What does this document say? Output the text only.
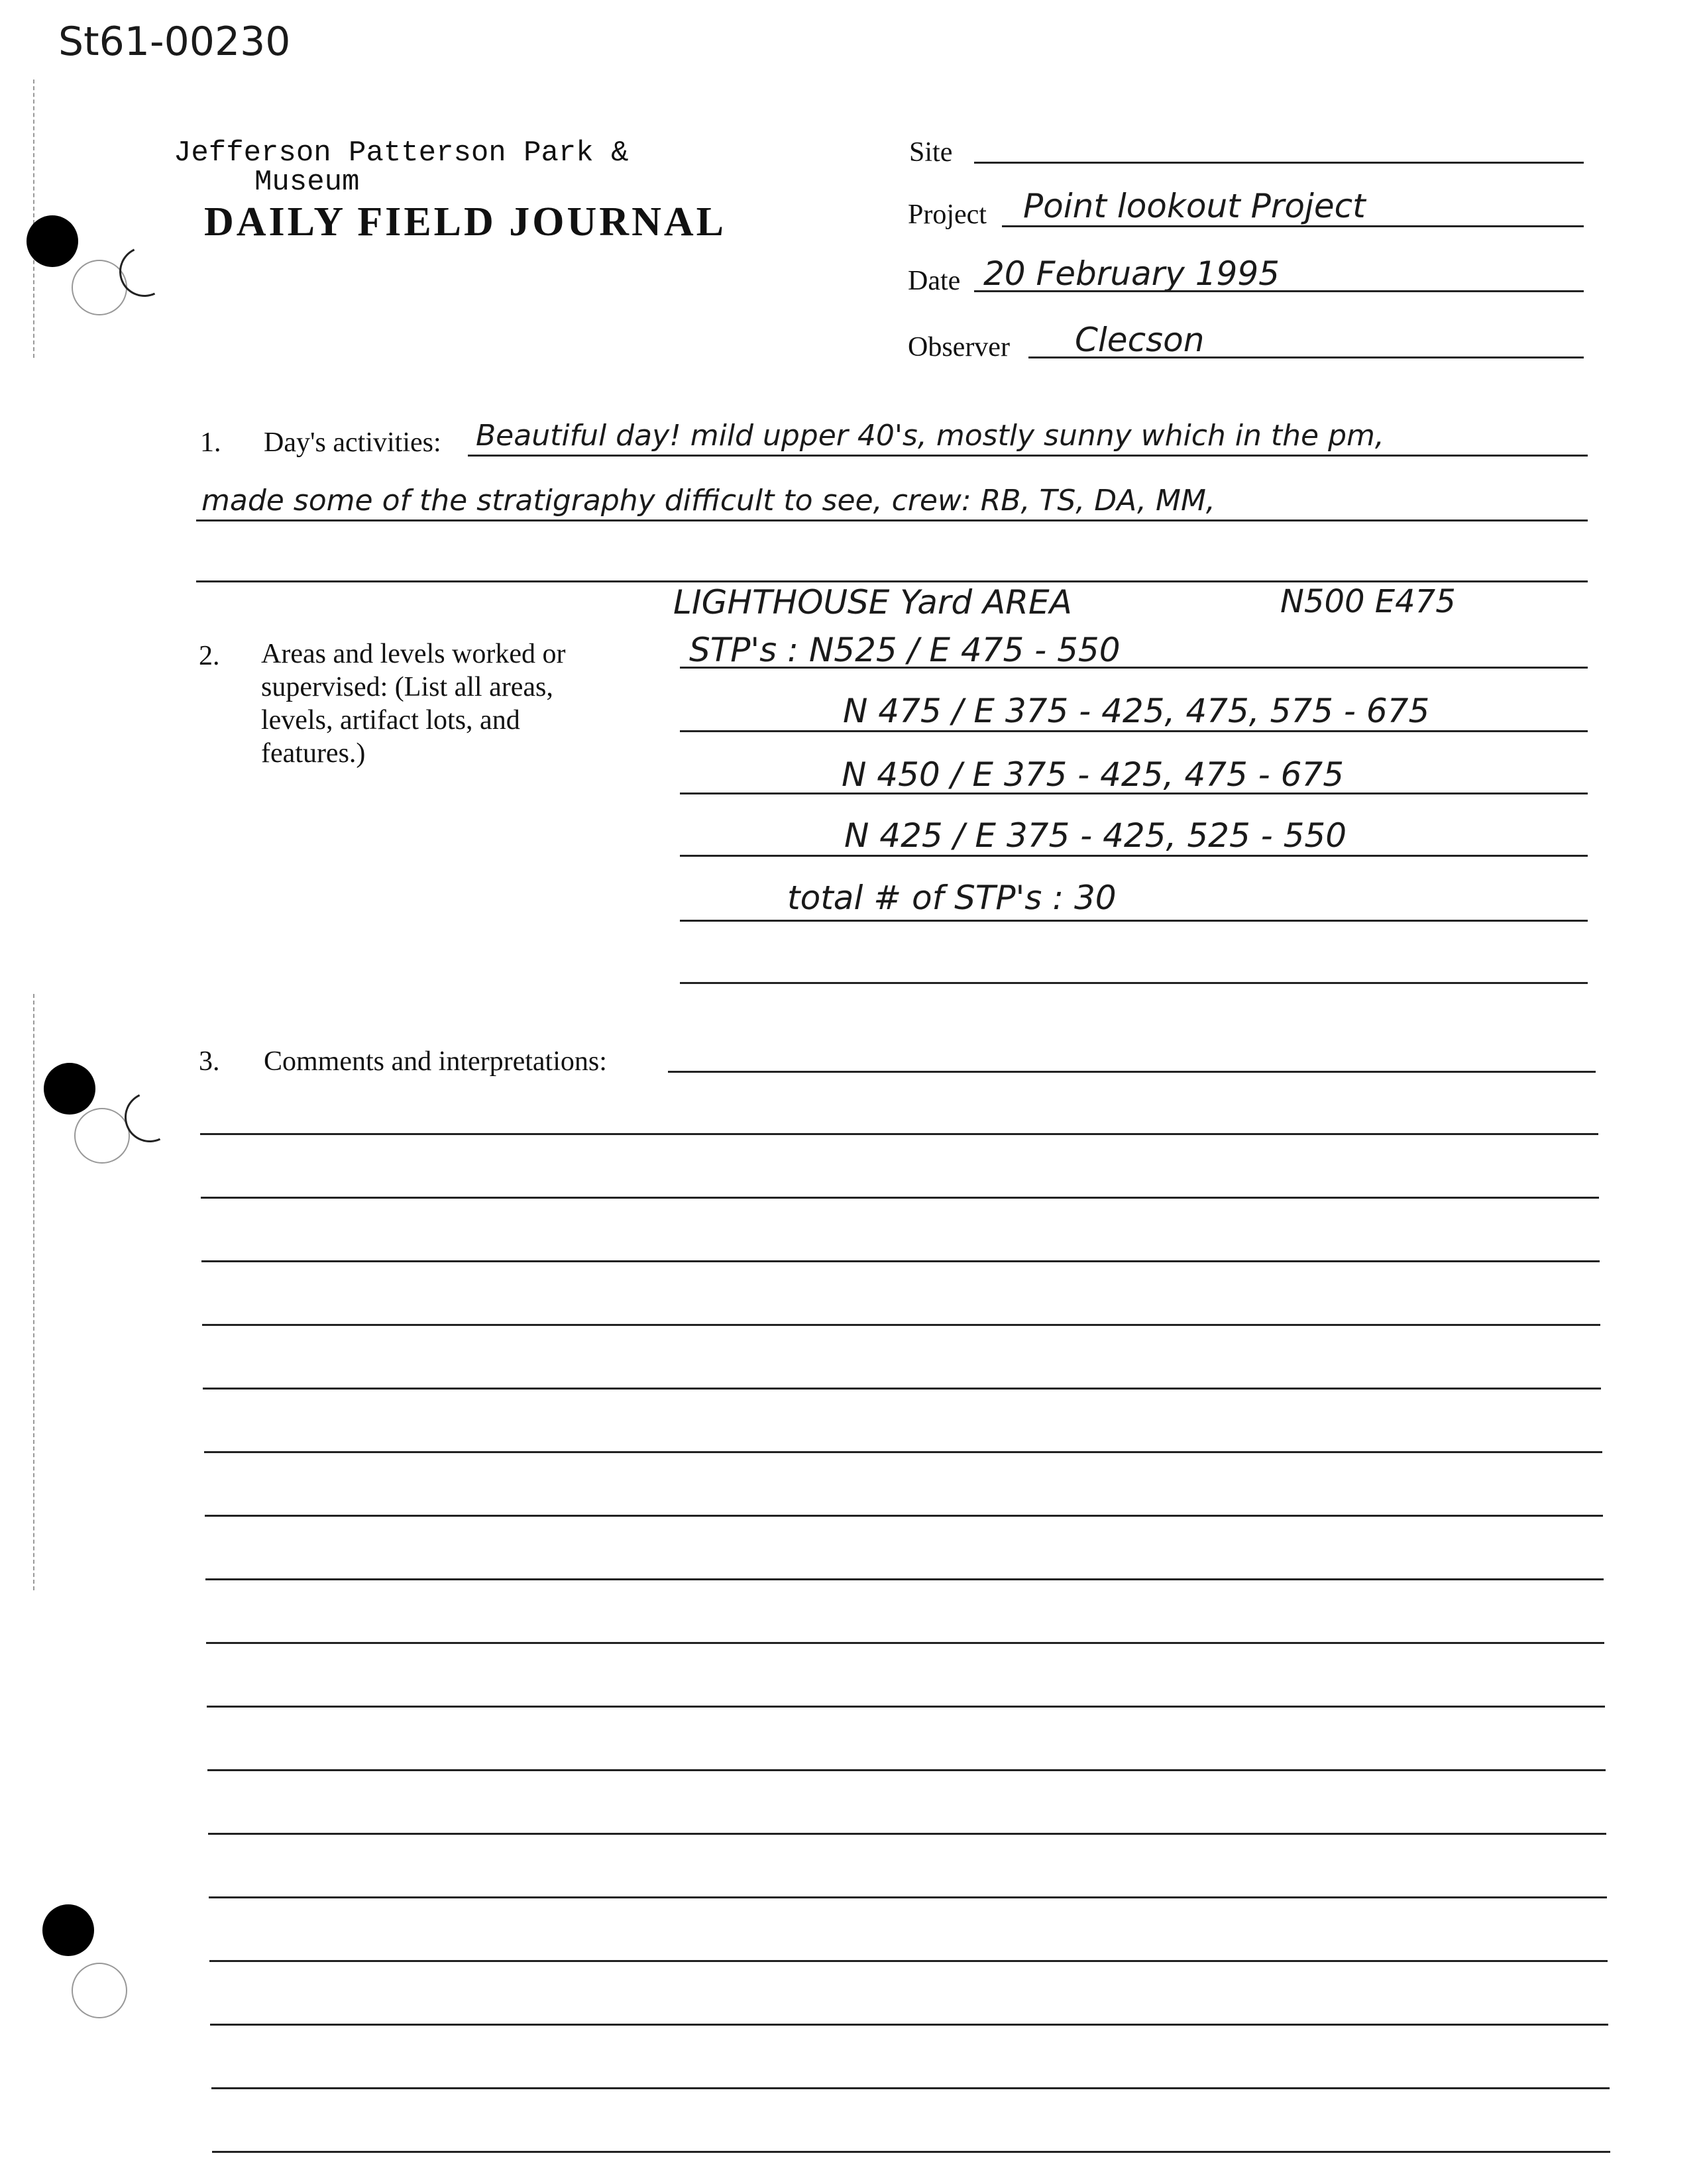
St61-00230
Jefferson Patterson Park &
Museum
DAILY FIELD JOURNAL
Site
Project Point lookout Project
Date 20 February 1995
Observer Clecson
1. Day's activities: Beautiful day! mild upper 40's, mostly sunny which in the pm,
made some of the stratigraphy difficult to see, crew: RB, TS, DA, MM,
2. Areas and levels worked or
supervised: (List all areas,
levels, artifact lots, and
features.)
LIGHTHOUSE Yard AREA	N500 E475
STP's : N525 / E 475 - 550
N 475 / E 375 - 425, 475, 575 - 675
N 450 / E 375 - 425, 475 - 675
N 425 / E 375 - 425, 525 - 550
total # of STP's : 30
3. Comments and interpretations:
